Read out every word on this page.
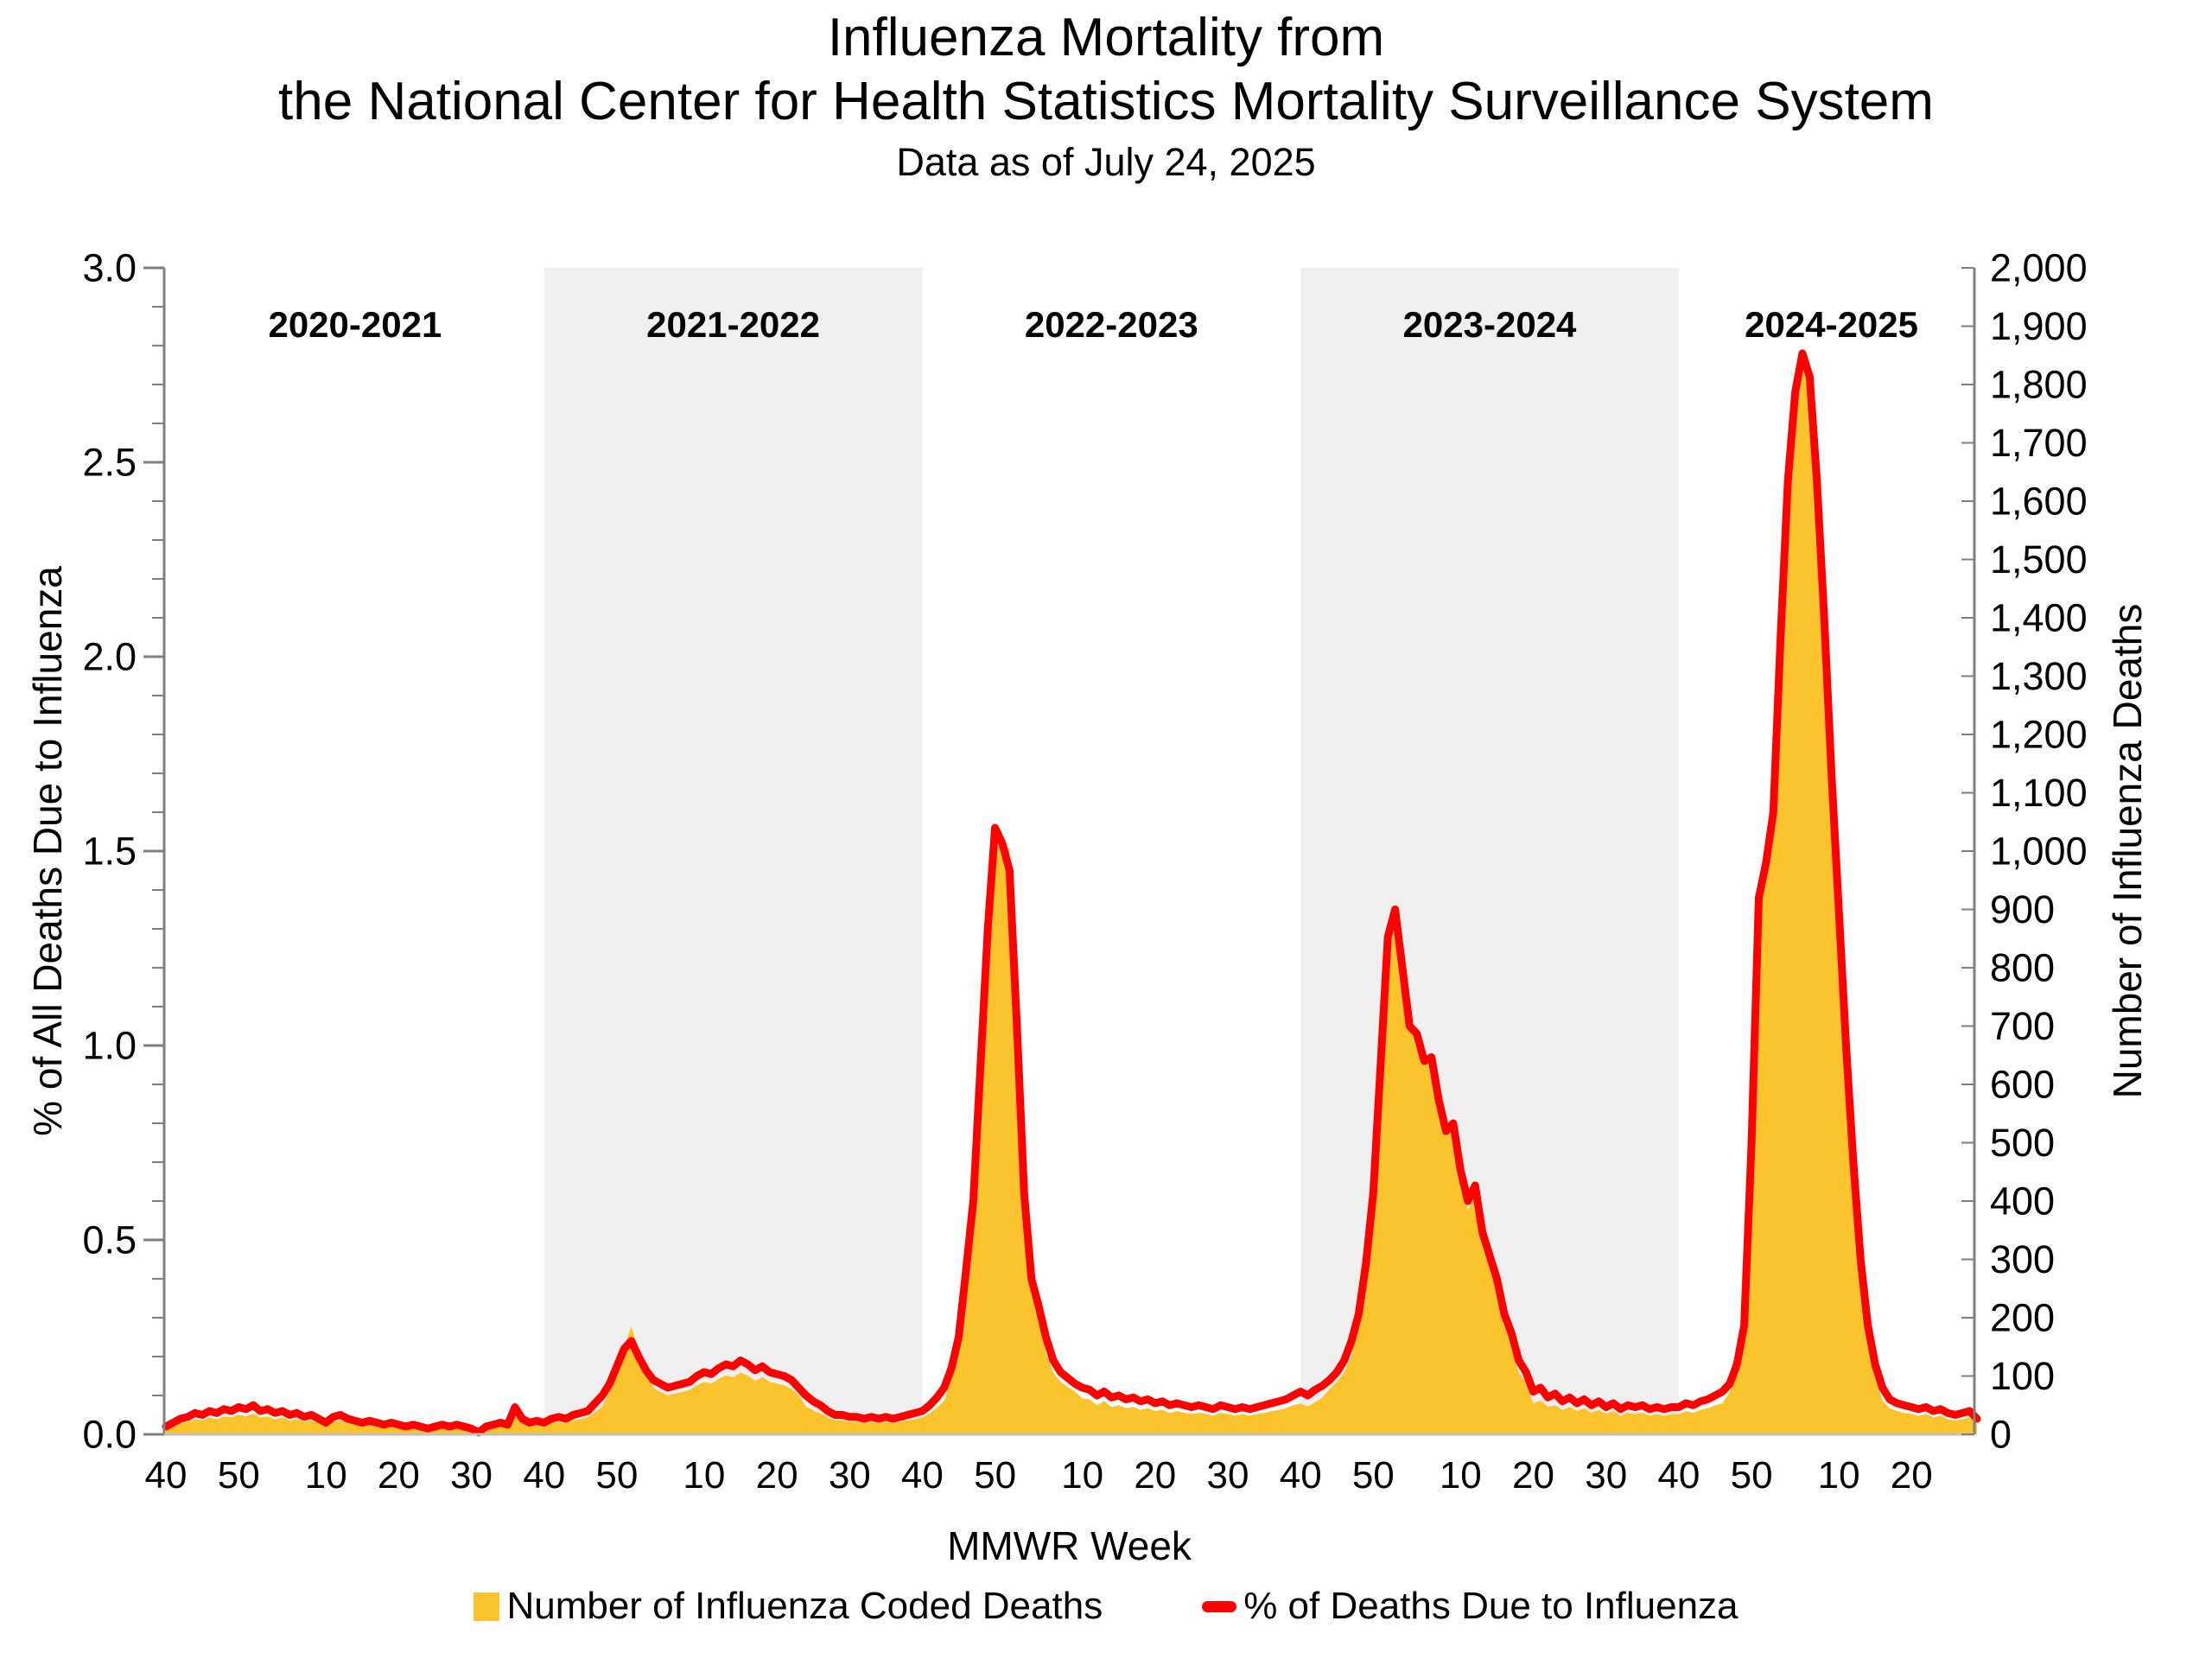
Influenza Mortality from
the National Center for Health Statistics Mortality Surveillance System
Data as of July 24, 2025
% of All Deaths Due to Influenza	Number of Influenza Deaths
MMWR Week
3.0
2.5
2.0
1.5
1.0
0.5
0.0
2,000
1,900
1,800
1,700
1,600
1,500
1,400
1,300
1,200
1,100
1,000
900
800
700
600
500
400
300
200
100
0
40 50 10 20 30 40 50 10 20 30 40 50 10 20 30 40 50 10 20 30 40 50 10 20
2020-2021	2021-2022	2022-2023	2023-2024	2024-2025
Number of Influenza Coded Deaths	% of Deaths Due to Influenza
